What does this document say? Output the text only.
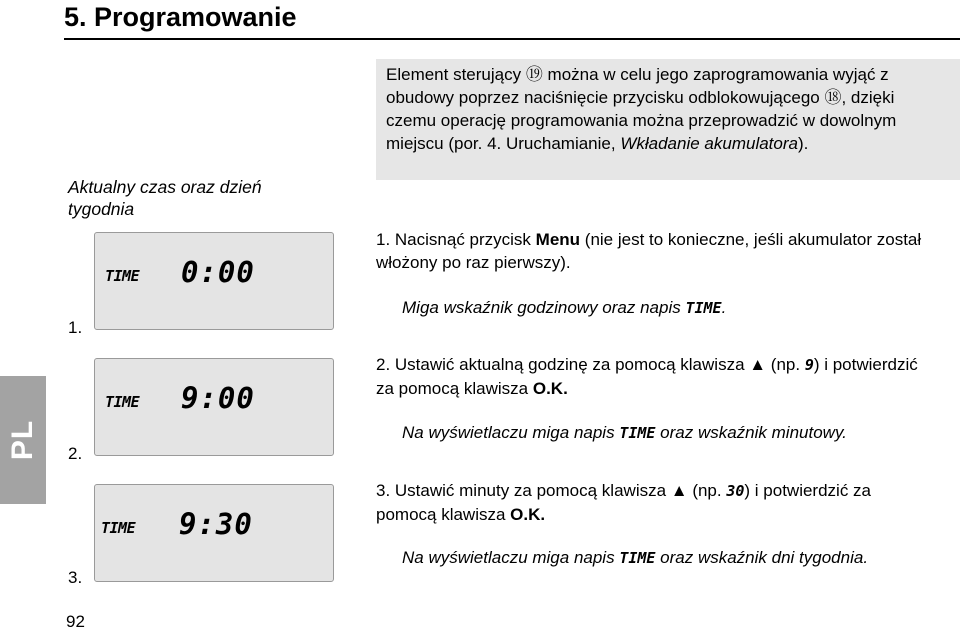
5. Programowanie
Aktualny czas oraz dzień tygodnia
PL
TIME 0:00
TIME 9:00
TIME 9:30
1.
2.
3.
Element sterujący ⑲ można w celu jego zaprogramowania wyjąć z obudowy poprzez naciśnięcie przycisku odblokowującego ⑱, dzięki czemu operację programowania można przeprowadzić w dowolnym miejscu (por. 4. Uruchamianie, Wkładanie akumulatora).
1. Nacisnąć przycisk Menu (nie jest to konieczne, jeśli akumulator został włożony po raz pierwszy).
Miga wskaźnik godzinowy oraz napis TIME.
2. Ustawić aktualną godzinę za pomocą klawisza ▲ (np. 9) i potwierdzić za pomocą klawisza O.K.
Na wyświetlaczu miga napis TIME oraz wskaźnik minutowy.
3. Ustawić minuty za pomocą klawisza ▲ (np. 30) i potwierdzić za pomocą klawisza O.K.
Na wyświetlaczu miga napis TIME oraz wskaźnik dni tygodnia.
92
